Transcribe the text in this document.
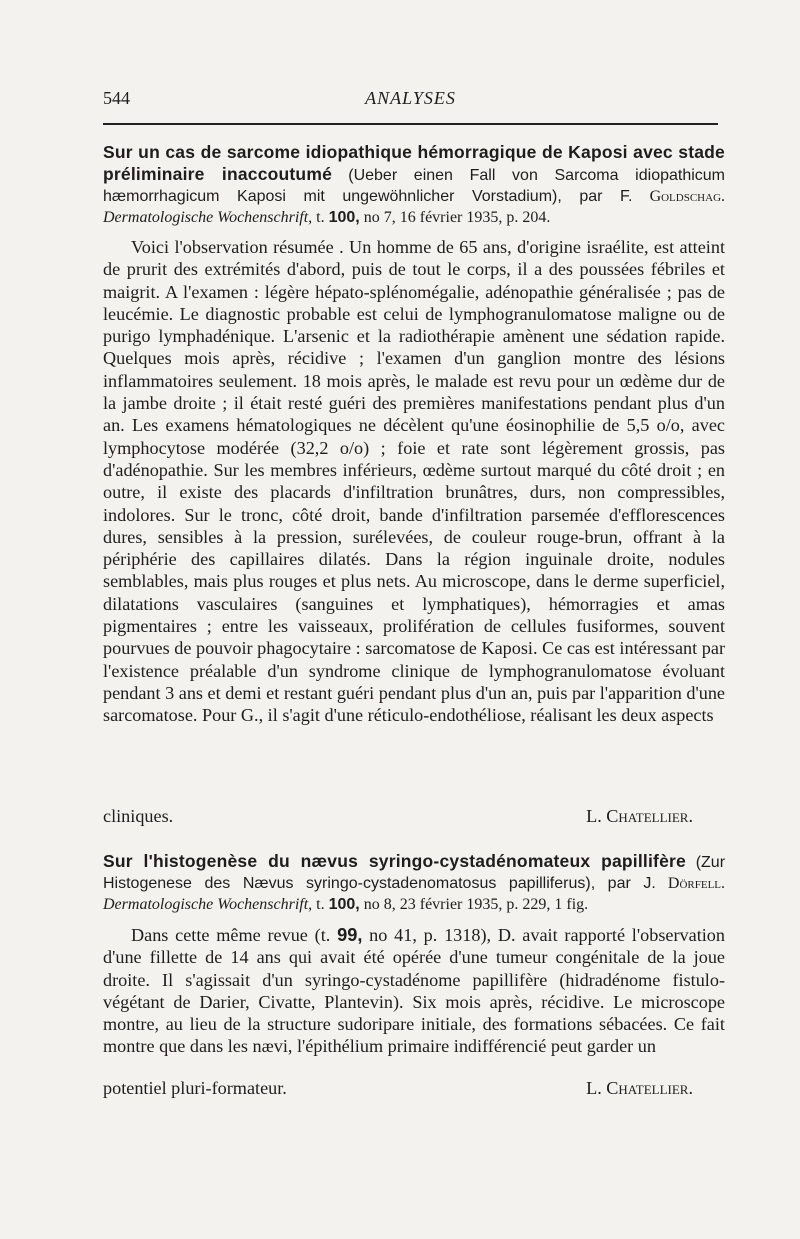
544	ANALYSES
Sur un cas de sarcome idiopathique hémorragique de Kaposi avec stade préliminaire inaccoutumé (Ueber einen Fall von Sarcoma idiopathicum hæmorrhagicum Kaposi mit ungewöhnlicher Vorstadium), par F. Goldschag. Dermatologische Wochenschrift, t. 100, no 7, 16 février 1935, p. 204.
Voici l'observation résumée . Un homme de 65 ans, d'origine israélite, est atteint de prurit des extrémités d'abord, puis de tout le corps, il a des poussées fébriles et maigrit. A l'examen : légère hépato-splénomégalie, adénopathie généralisée ; pas de leucémie. Le diagnostic probable est celui de lymphogranulomatose maligne ou de purigo lymphadénique. L'arsenic et la radiothérapie amènent une sédation rapide. Quelques mois après, récidive ; l'examen d'un ganglion montre des lésions inflammatoires seulement. 18 mois après, le malade est revu pour un œdème dur de la jambe droite ; il était resté guéri des premières manifestations pendant plus d'un an. Les examens hématologiques ne décèlent qu'une éosinophilie de 5,5 o/o, avec lymphocytose modérée (32,2 o/o) ; foie et rate sont légèrement grossis, pas d'adénopathie. Sur les membres inférieurs, œdème surtout marqué du côté droit ; en outre, il existe des placards d'infiltration brunâtres, durs, non compressibles, indolores. Sur le tronc, côté droit, bande d'infiltration parsemée d'efflorescences dures, sensibles à la pression, surélevées, de couleur rouge-brun, offrant à la périphérie des capillaires dilatés. Dans la région inguinale droite, nodules semblables, mais plus rouges et plus nets. Au microscope, dans le derme superficiel, dilatations vasculaires (sanguines et lymphatiques), hémorragies et amas pigmentaires ; entre les vaisseaux, prolifération de cellules fusiformes, souvent pourvues de pouvoir phagocytaire : sarcomatose de Kaposi. Ce cas est intéressant par l'existence préalable d'un syndrome clinique de lymphogranulomatose évoluant pendant 3 ans et demi et restant guéri pendant plus d'un an, puis par l'apparition d'une sarcomatose. Pour G., il s'agit d'une réticulo-endothéliose, réalisant les deux aspects
cliniques.	L. Chatellier.
Sur l'histogenèse du nævus syringo-cystadénomateux papillifère (Zur Histogenese des Nævus syringo-cystadenomatosus papilliferus), par J. Dörfell. Dermatologische Wochenschrift, t. 100, no 8, 23 février 1935, p. 229, 1 fig.
Dans cette même revue (t. 99, no 41, p. 1318), D. avait rapporté l'observation d'une fillette de 14 ans qui avait été opérée d'une tumeur congénitale de la joue droite. Il s'agissait d'un syringo-cystadénome papillifère (hidradénome fistulo-végétant de Darier, Civatte, Plantevin). Six mois après, récidive. Le microscope montre, au lieu de la structure sudoripare initiale, des formations sébacées. Ce fait montre que dans les nævi, l'épithélium primaire indifférencié peut garder un
potentiel pluri-formateur.	L. Chatellier.
